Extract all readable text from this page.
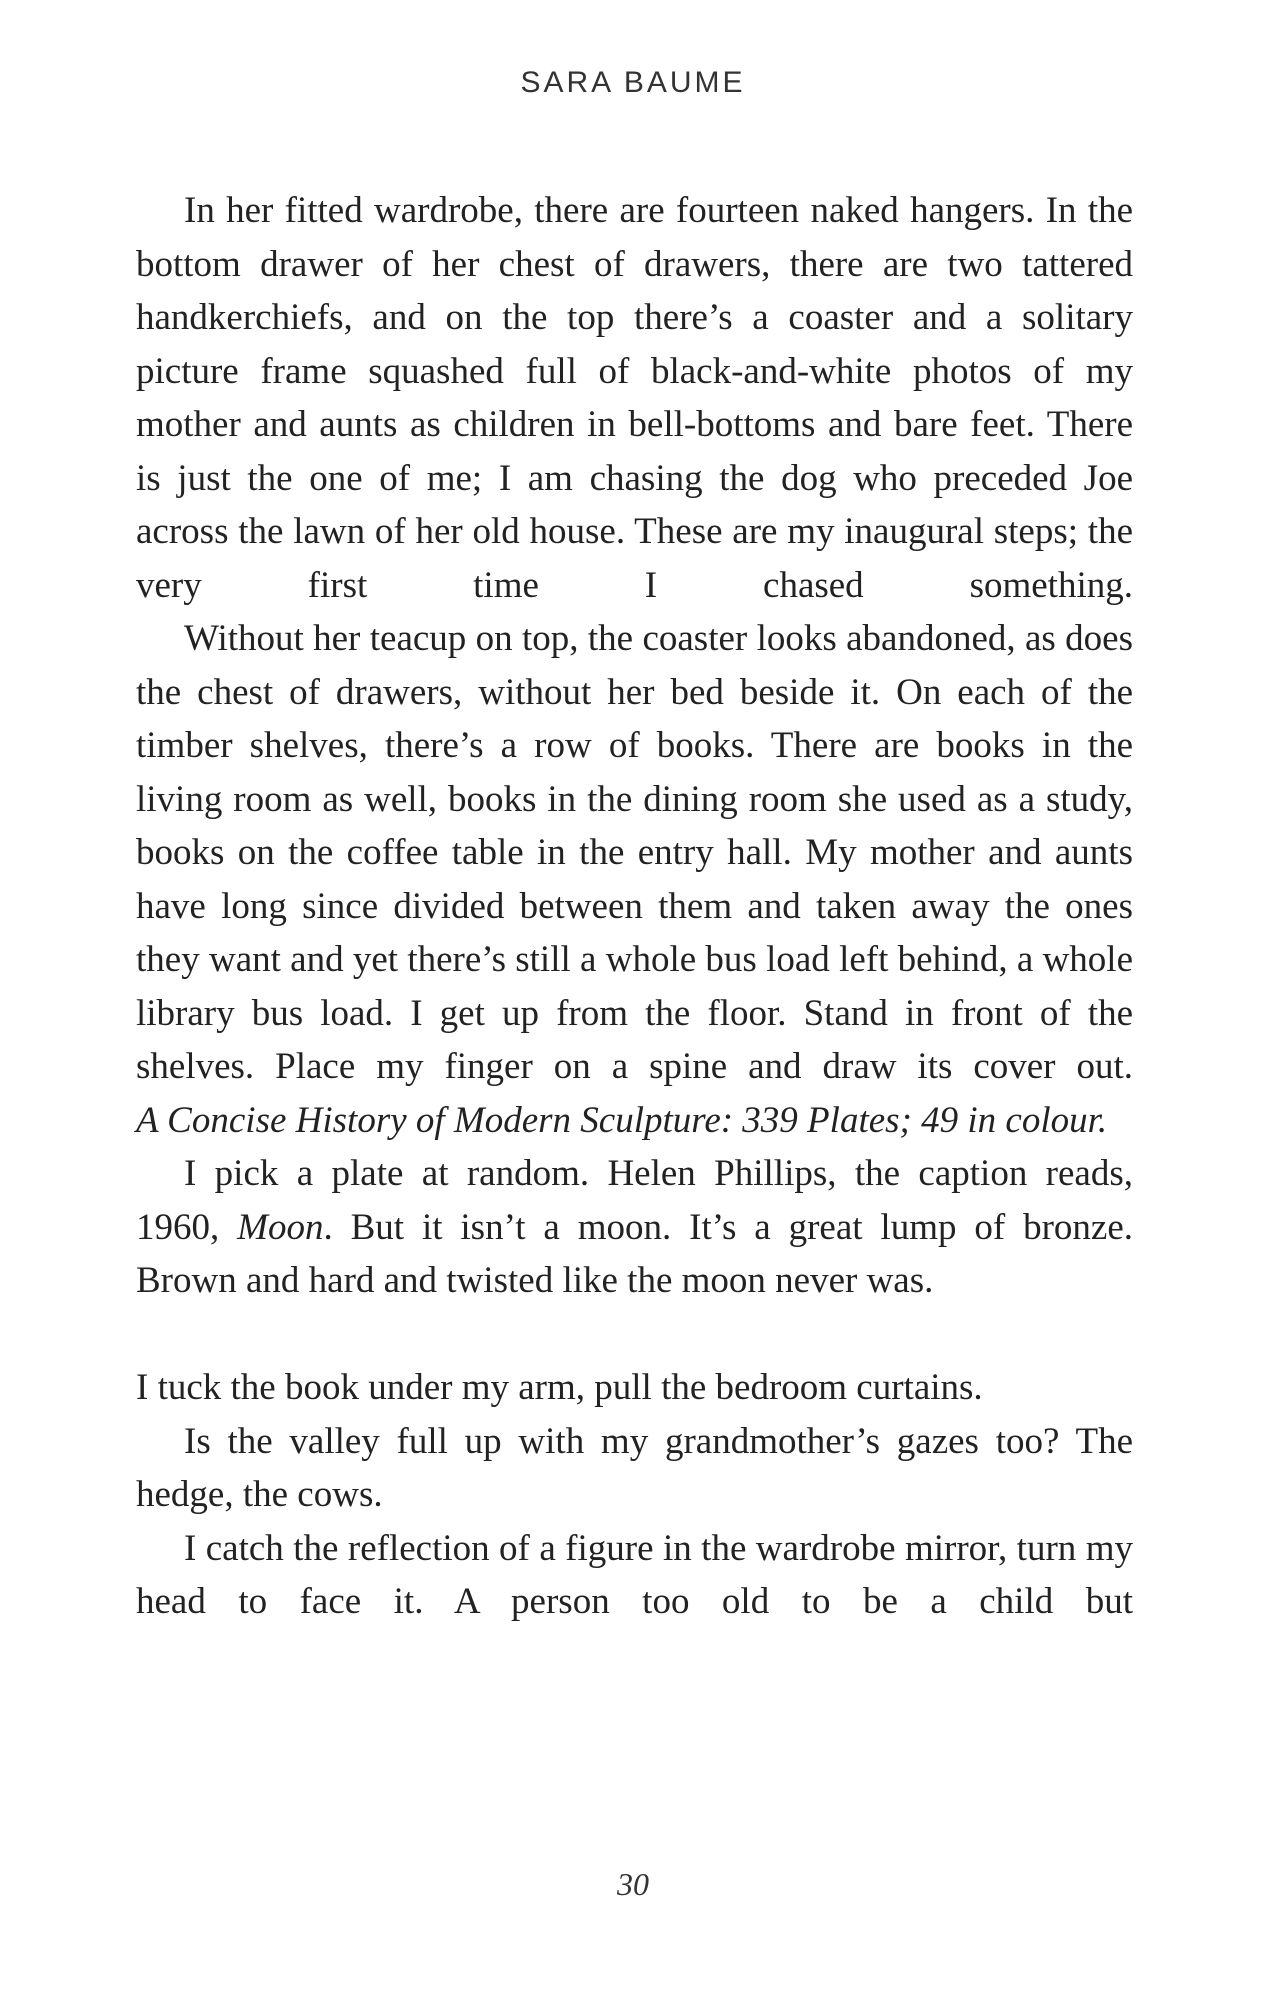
SARA BAUME

In her fitted wardrobe, there are fourteen naked hangers. In the bottom drawer of her chest of drawers, there are two tattered handkerchiefs, and on the top there’s a coaster and a solitary picture frame squashed full of black-and-white photos of my mother and aunts as children in bell-bottoms and bare feet. There is just the one of me; I am chasing the dog who preceded Joe across the lawn of her old house. These are my inaugural steps; the very first time I chased something.

Without her teacup on top, the coaster looks abandoned, as does the chest of drawers, without her bed beside it. On each of the timber shelves, there’s a row of books. There are books in the living room as well, books in the dining room she used as a study, books on the coffee table in the entry hall. My mother and aunts have long since divided between them and taken away the ones they want and yet there’s still a whole bus load left behind, a whole library bus load. I get up from the floor. Stand in front of the shelves. Place my finger on a spine and draw its cover out.

A Concise History of Modern Sculpture: 339 Plates; 49 in colour.

I pick a plate at random. Helen Phillips, the caption reads, 1960, Moon. But it isn’t a moon. It’s a great lump of bronze. Brown and hard and twisted like the moon never was.

I tuck the book under my arm, pull the bedroom curtains.

Is the valley full up with my grandmother’s gazes too? The hedge, the cows.

I catch the reflection of a figure in the wardrobe mirror, turn my head to face it. A person too old to be a child but

30
